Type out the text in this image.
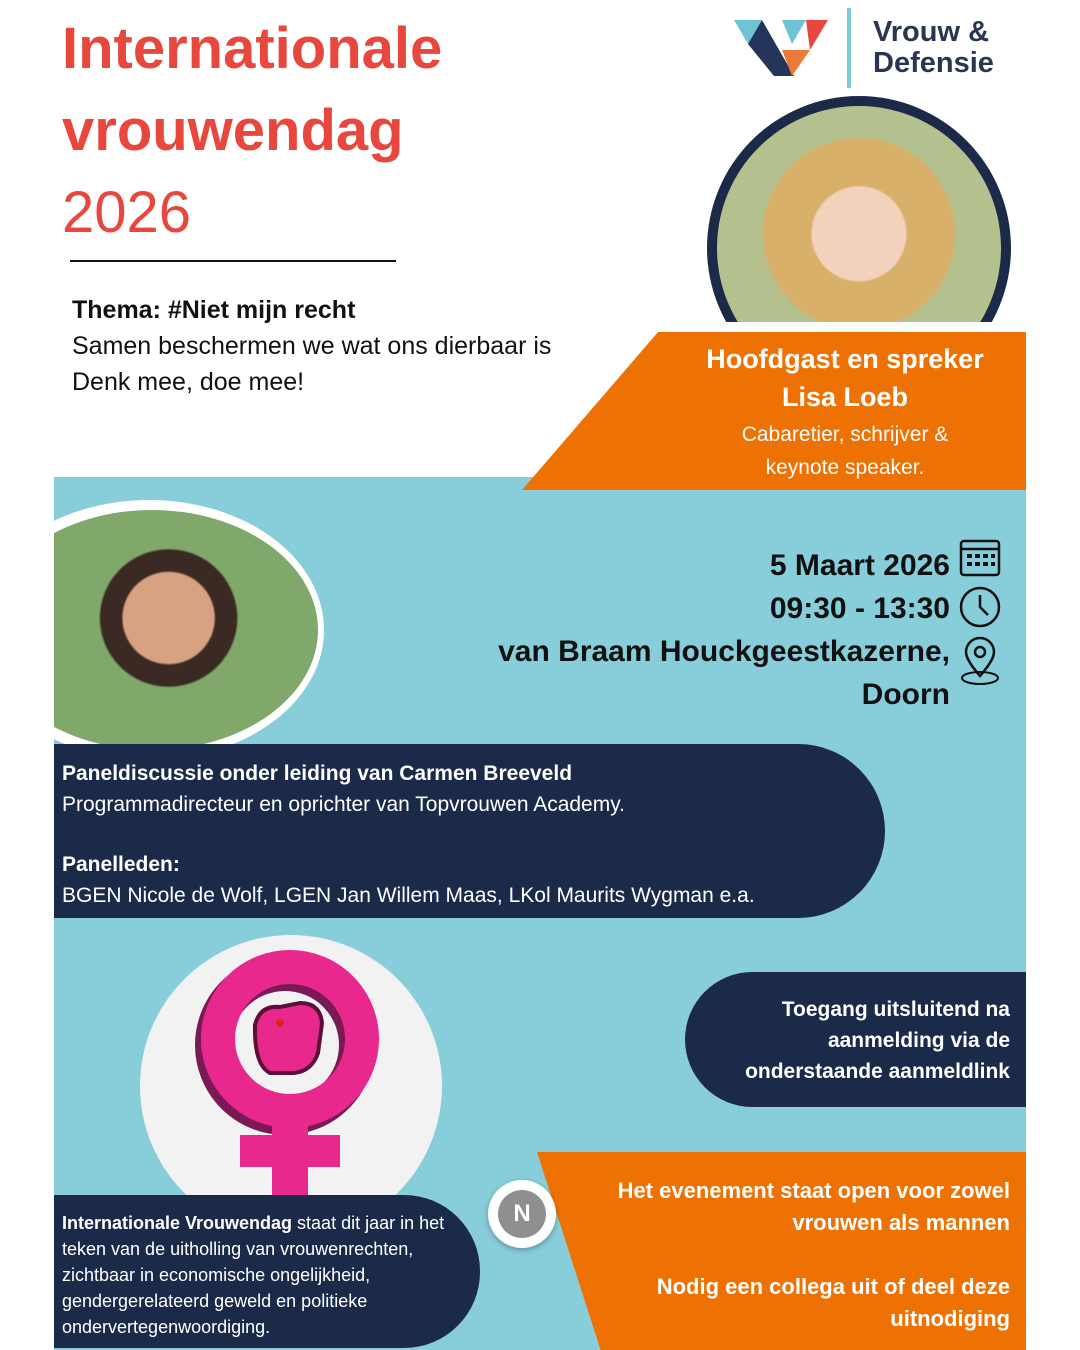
Internationale
vrouwendag
2026
Vrouw &
Defensie
Thema: #Niet mijn recht
Samen beschermen we wat ons dierbaar is
Denk mee, doe mee!
Hoofdgast en spreker
Lisa Loeb
Cabaretier, schrijver &
keynote speaker.
5 Maart 2026
09:30 - 13:30
van Braam Houckgeestkazerne,
Doorn
Paneldiscussie onder leiding van Carmen Breeveld
Programmadirecteur en oprichter van Topvrouwen Academy.
Panelleden:
BGEN Nicole de Wolf, LGEN Jan Willem Maas, LKol Maurits Wygman e.a.
Toegang uitsluitend na
aanmelding via de
onderstaande aanmeldlink
Internationale Vrouwendag staat dit jaar in het teken van de uitholling van vrouwenrechten, zichtbaar in economische ongelijkheid, gendergerelateerd geweld en politieke ondervertegenwoordiging.
Het evenement staat open voor zowel
vrouwen als mannen
Nodig een collega uit of deel deze
uitnodiging
N
